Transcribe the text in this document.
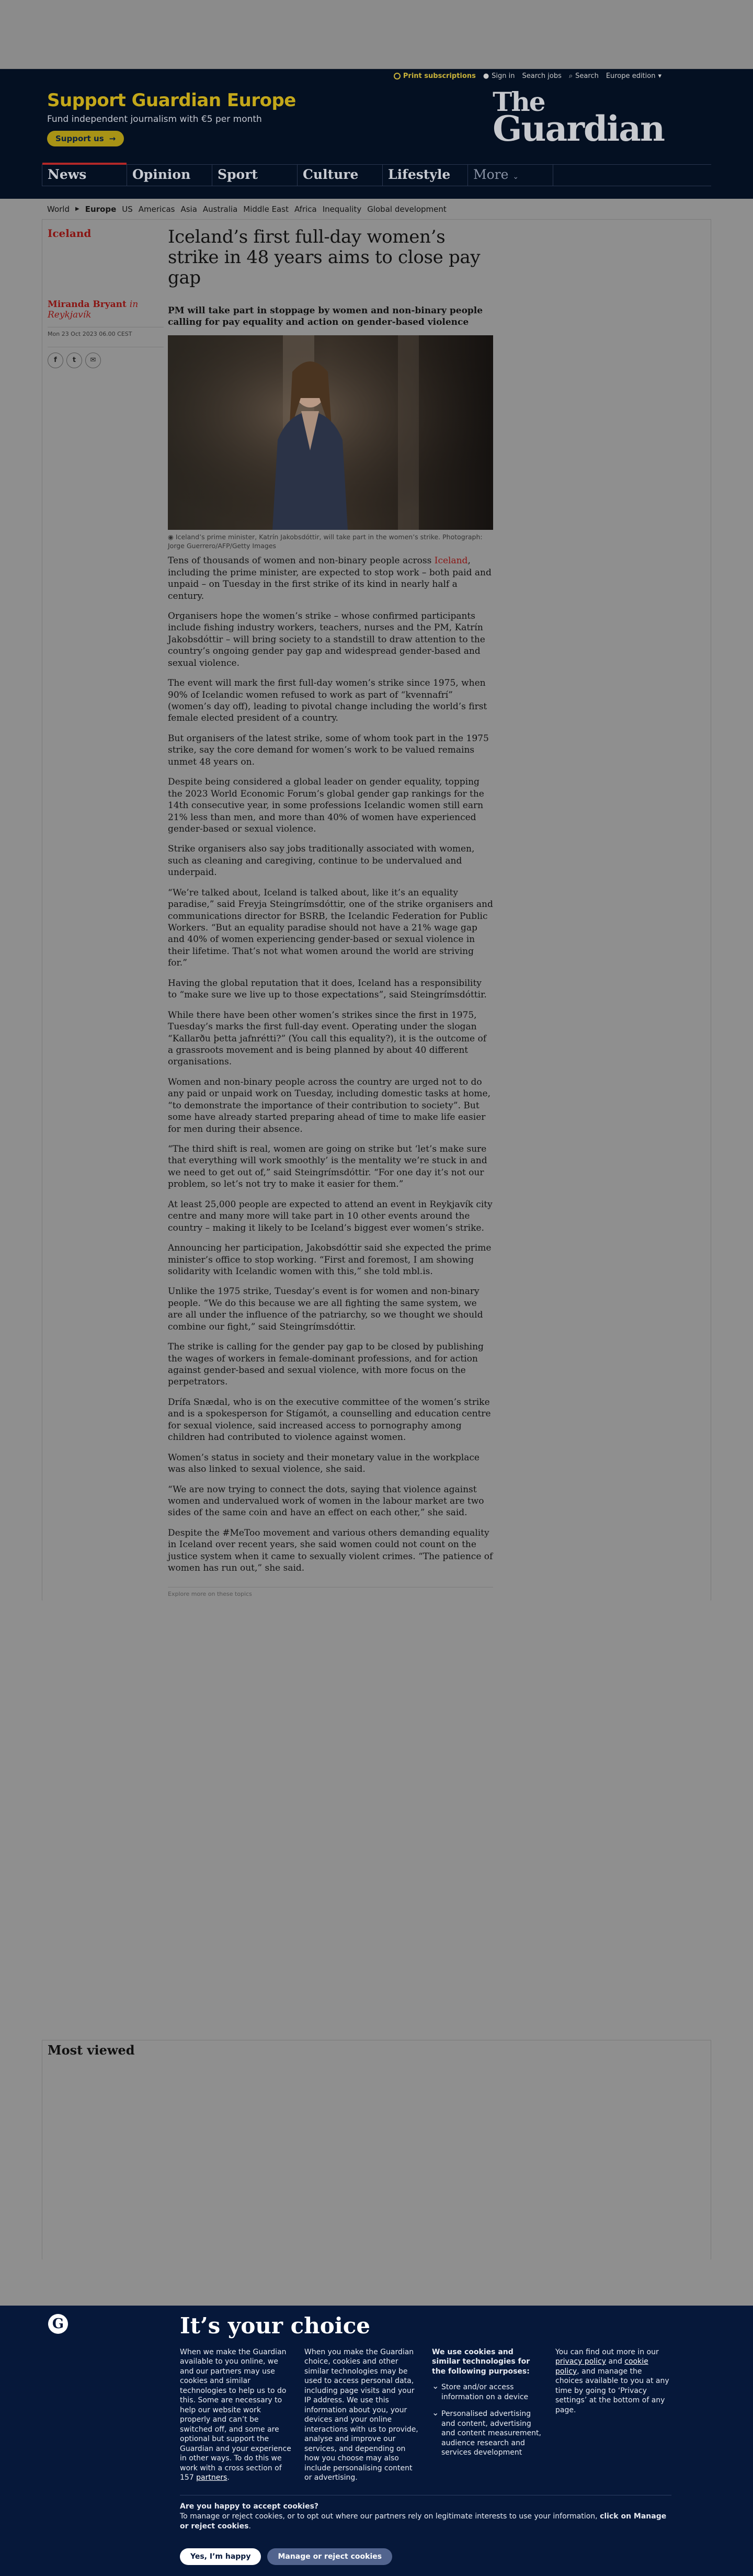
Print subscriptions ● Sign in Search jobs ⌕ Search Europe edition ▾
Support Guardian Europe
Fund independent journalism with €5 per month
Support us →
The
Guardian
News	Opinion	Sport	Culture	Lifestyle	More ⌄
World ▶ Europe US Americas Asia Australia Middle East Africa Inequality Global development
Iceland
Miranda Bryant in Reykjavík
Mon 23 Oct 2023 06.00 CEST
f	t	✉
Iceland’s first full-day women’s strike in 48 years aims to close pay gap
PM will take part in stoppage by women and non-binary people calling for pay equality and action on gender-based violence
◉ Iceland’s prime minister, Katrín Jakobsdóttir, will take part in the women’s strike. Photograph: Jorge Guerrero/AFP/Getty Images

Tens of thousands of women and non-binary people across Iceland, including the prime minister, are expected to stop work – both paid and unpaid – on Tuesday in the first strike of its kind in nearly half a century.

Organisers hope the women’s strike – whose confirmed participants include fishing industry workers, teachers, nurses and the PM, Katrín Jakobsdóttir – will bring society to a standstill to draw attention to the country’s ongoing gender pay gap and widespread gender-based and sexual violence.

The event will mark the first full-day women’s strike since 1975, when 90% of Icelandic women refused to work as part of “kvennafrí” (women’s day off), leading to pivotal change including the world’s first female elected president of a country.

But organisers of the latest strike, some of whom took part in the 1975 strike, say the core demand for women’s work to be valued remains unmet 48 years on.

Despite being considered a global leader on gender equality, topping the 2023 World Economic Forum’s global gender gap rankings for the 14th consecutive year, in some professions Icelandic women still earn 21% less than men, and more than 40% of women have experienced gender-based or sexual violence.

Strike organisers also say jobs traditionally associated with women, such as cleaning and caregiving, continue to be undervalued and underpaid.

“We’re talked about, Iceland is talked about, like it’s an equality paradise,” said Freyja Steingrímsdóttir, one of the strike organisers and communications director for BSRB, the Icelandic Federation for Public Workers. “But an equality paradise should not have a 21% wage gap and 40% of women experiencing gender-based or sexual violence in their lifetime. That’s not what women around the world are striving for.”

Having the global reputation that it does, Iceland has a responsibility to “make sure we live up to those expectations”, said Steingrímsdóttir.

While there have been other women’s strikes since the first in 1975, Tuesday’s marks the first full-day event. Operating under the slogan “Kallarðu þetta jafnrétti?” (You call this equality?), it is the outcome of a grassroots movement and is being planned by about 40 different organisations.

Women and non-binary people across the country are urged not to do any paid or unpaid work on Tuesday, including domestic tasks at home, “to demonstrate the importance of their contribution to society”. But some have already started preparing ahead of time to make life easier for men during their absence.

“The third shift is real, women are going on strike but ‘let’s make sure that everything will work smoothly’ is the mentality we’re stuck in and we need to get out of,” said Steingrímsdóttir. “For one day it’s not our problem, so let’s not try to make it easier for them.”

At least 25,000 people are expected to attend an event in Reykjavík city centre and many more will take part in 10 other events around the country – making it likely to be Iceland’s biggest ever women’s strike.

Announcing her participation, Jakobsdóttir said she expected the prime minister’s office to stop working. “First and foremost, I am showing solidarity with Icelandic women with this,” she told mbl.is.

Unlike the 1975 strike, Tuesday’s event is for women and non-binary people. “We do this because we are all fighting the same system, we are all under the influence of the patriarchy, so we thought we should combine our fight,” said Steingrímsdóttir.

The strike is calling for the gender pay gap to be closed by publishing the wages of workers in female-dominant professions, and for action against gender-based and sexual violence, with more focus on the perpetrators.

Drífa Snædal, who is on the executive committee of the women’s strike and is a spokesperson for Stígamót, a counselling and education centre for sexual violence, said increased access to pornography among children had contributed to violence against women.

Women’s status in society and their monetary value in the workplace was also linked to sexual violence, she said.

“We are now trying to connect the dots, saying that violence against women and undervalued work of women in the labour market are two sides of the same coin and have an effect on each other,” she said.

Despite the #MeToo movement and various others demanding equality in Iceland over recent years, she said women could not count on the justice system when it came to sexually violent crimes. “The patience of women has run out,” she said.

Explore more on these topics
Most viewed
G	It’s your choice
When we make the Guardian available to you online, we and our partners may use cookies and similar technologies to help us to do this. Some are necessary to help our website work properly and can’t be switched off, and some are optional but support the Guardian and your experience in other ways. To do this we work with a cross section of 157 partners.
When you make the Guardian choice, cookies and other similar technologies may be used to access personal data, including page visits and your IP address. We use this information about you, your devices and your online interactions with us to provide, analyse and improve our services, and depending on how you choose may also include personalising content or advertising.
We use cookies and similar technologies for the following purposes:
⌄ Store and/or access information on a device
⌄ Personalised advertising and content, advertising and content measurement, audience research and services development
You can find out more in our privacy policy and cookie policy, and manage the choices available to you at any time by going to ‘Privacy settings’ at the bottom of any page.
Are you happy to accept cookies?
To manage or reject cookies, or to opt out where our partners rely on legitimate interests to use your information, click on Manage or reject cookies.
Yes, I’m happy	Manage or reject cookies
